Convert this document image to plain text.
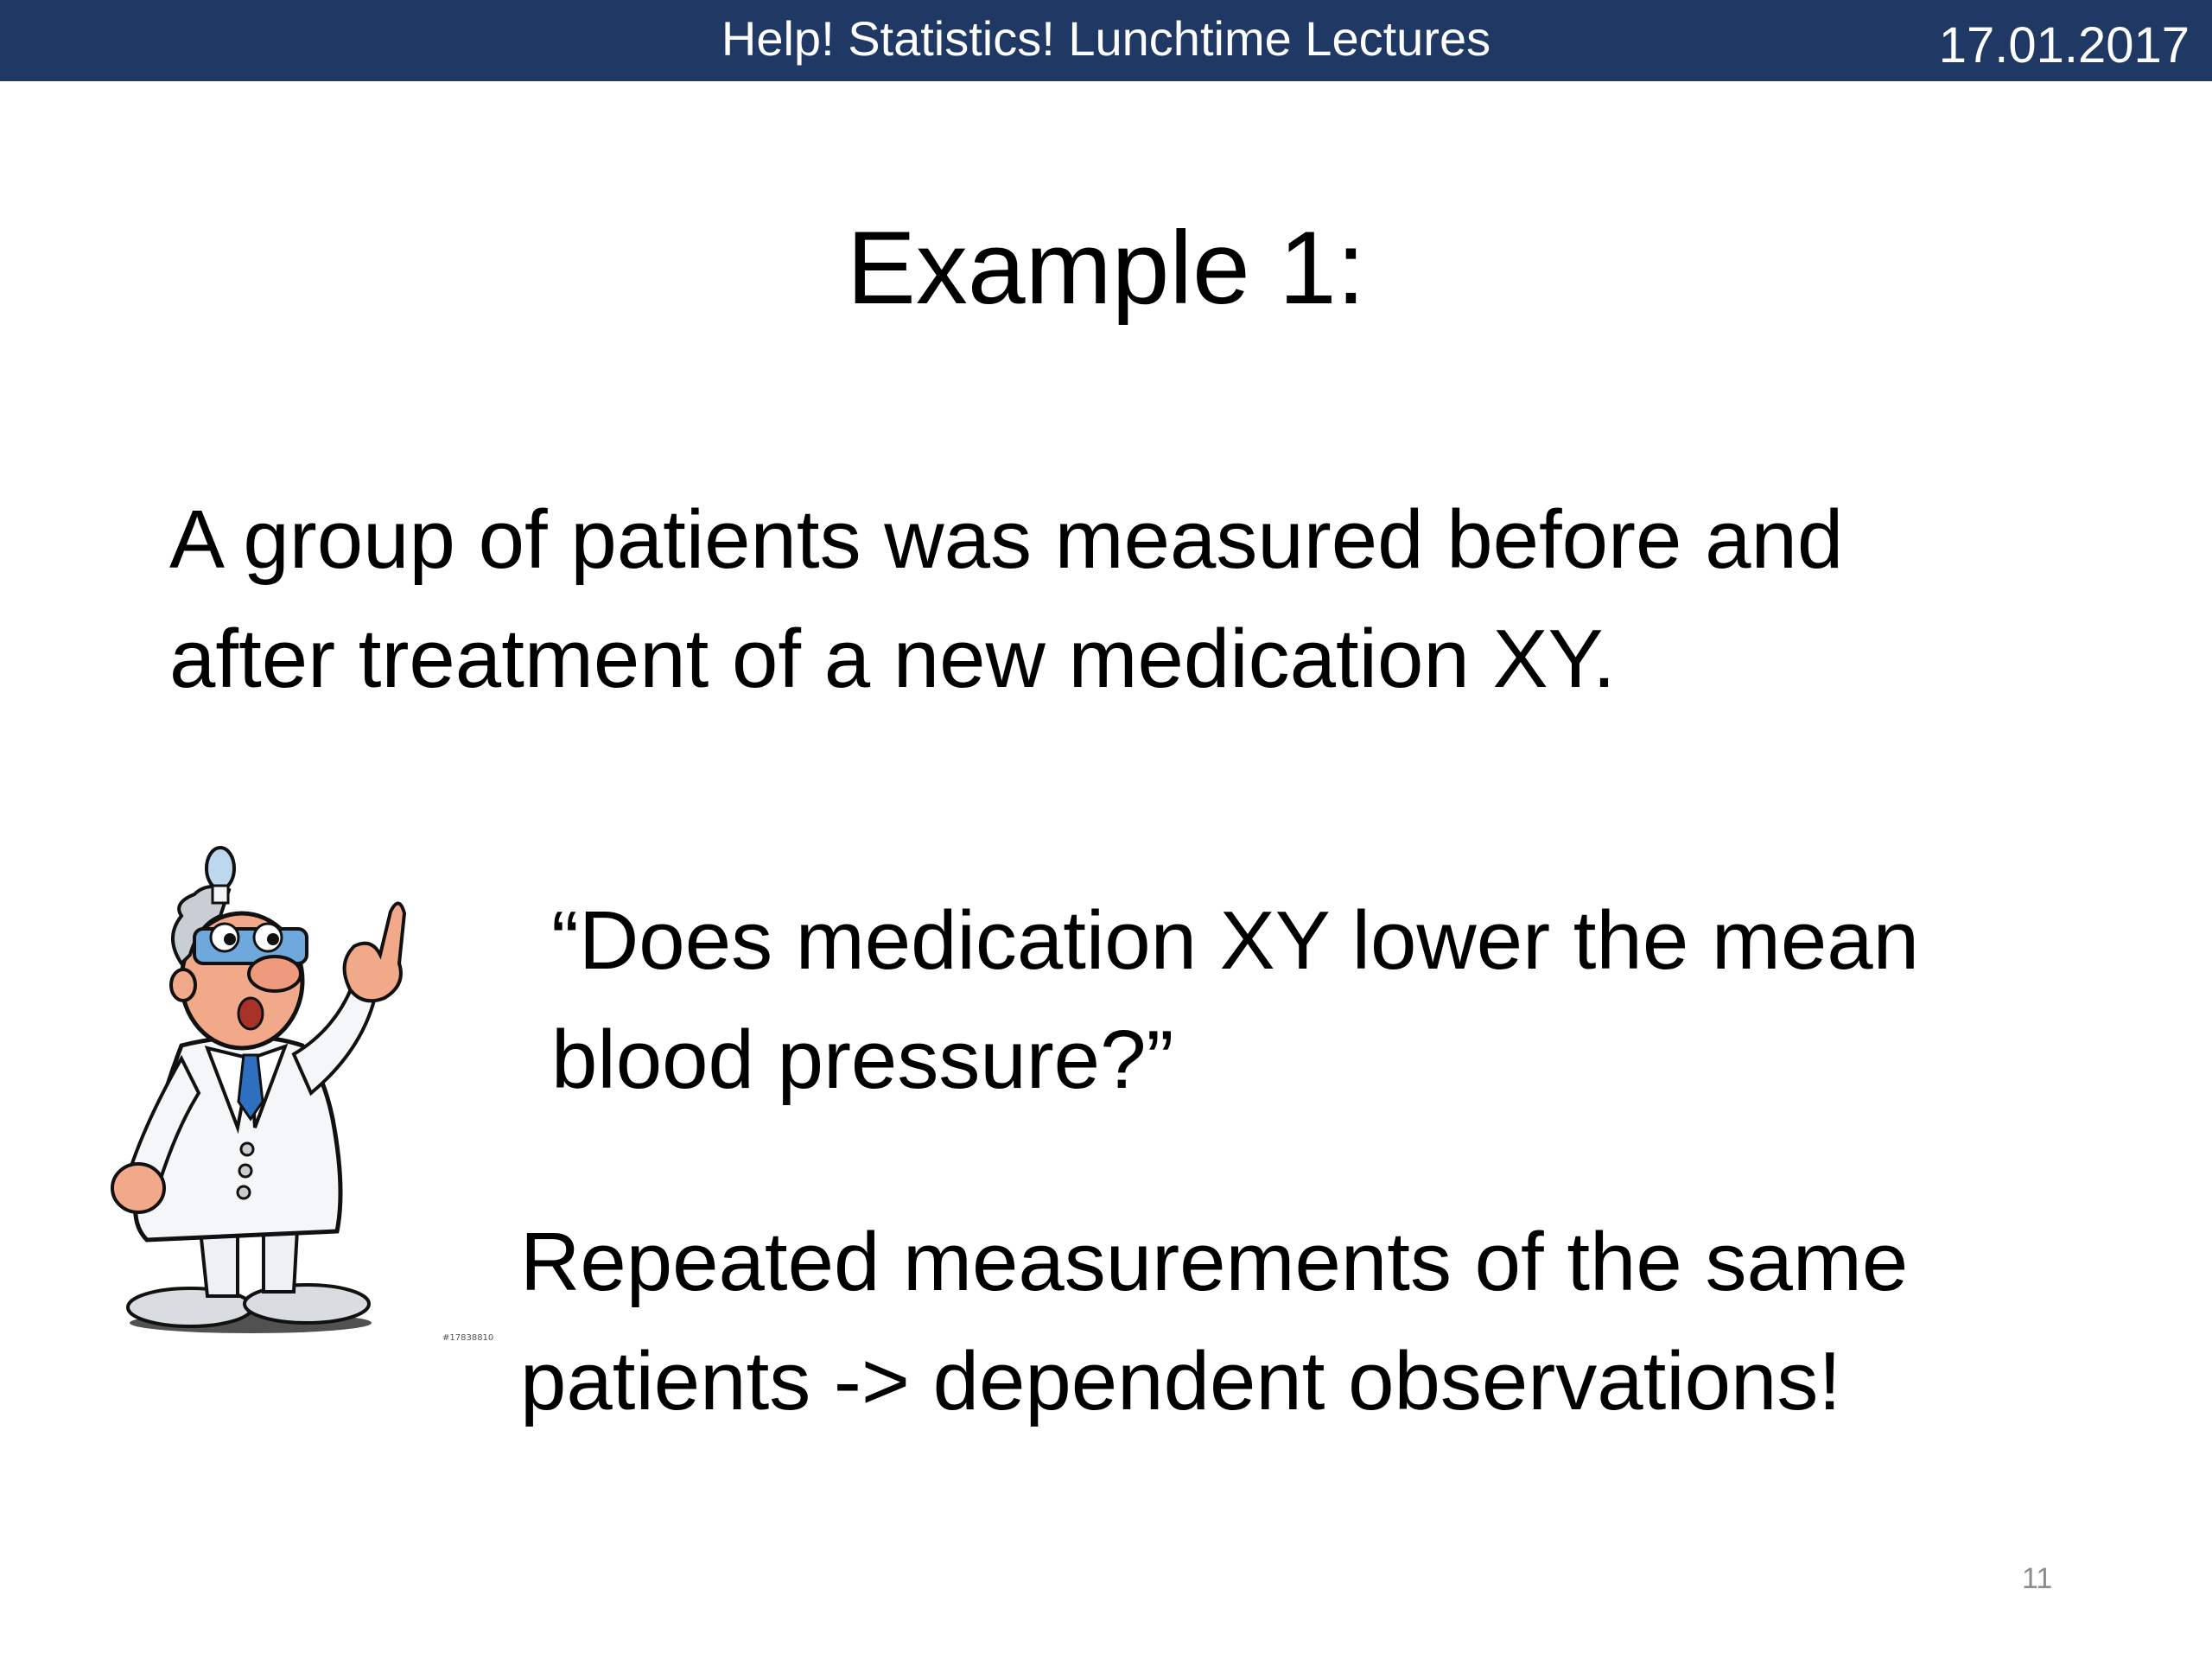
Help! Statistics! Lunchtime Lectures	17.01.2017
Example 1:
A group of patients was measured before and
after treatment of a new medication XY.
“Does medication XY lower the mean
blood pressure?”
Repeated measurements of the same
patients -> dependent observations!
#17838810
11
